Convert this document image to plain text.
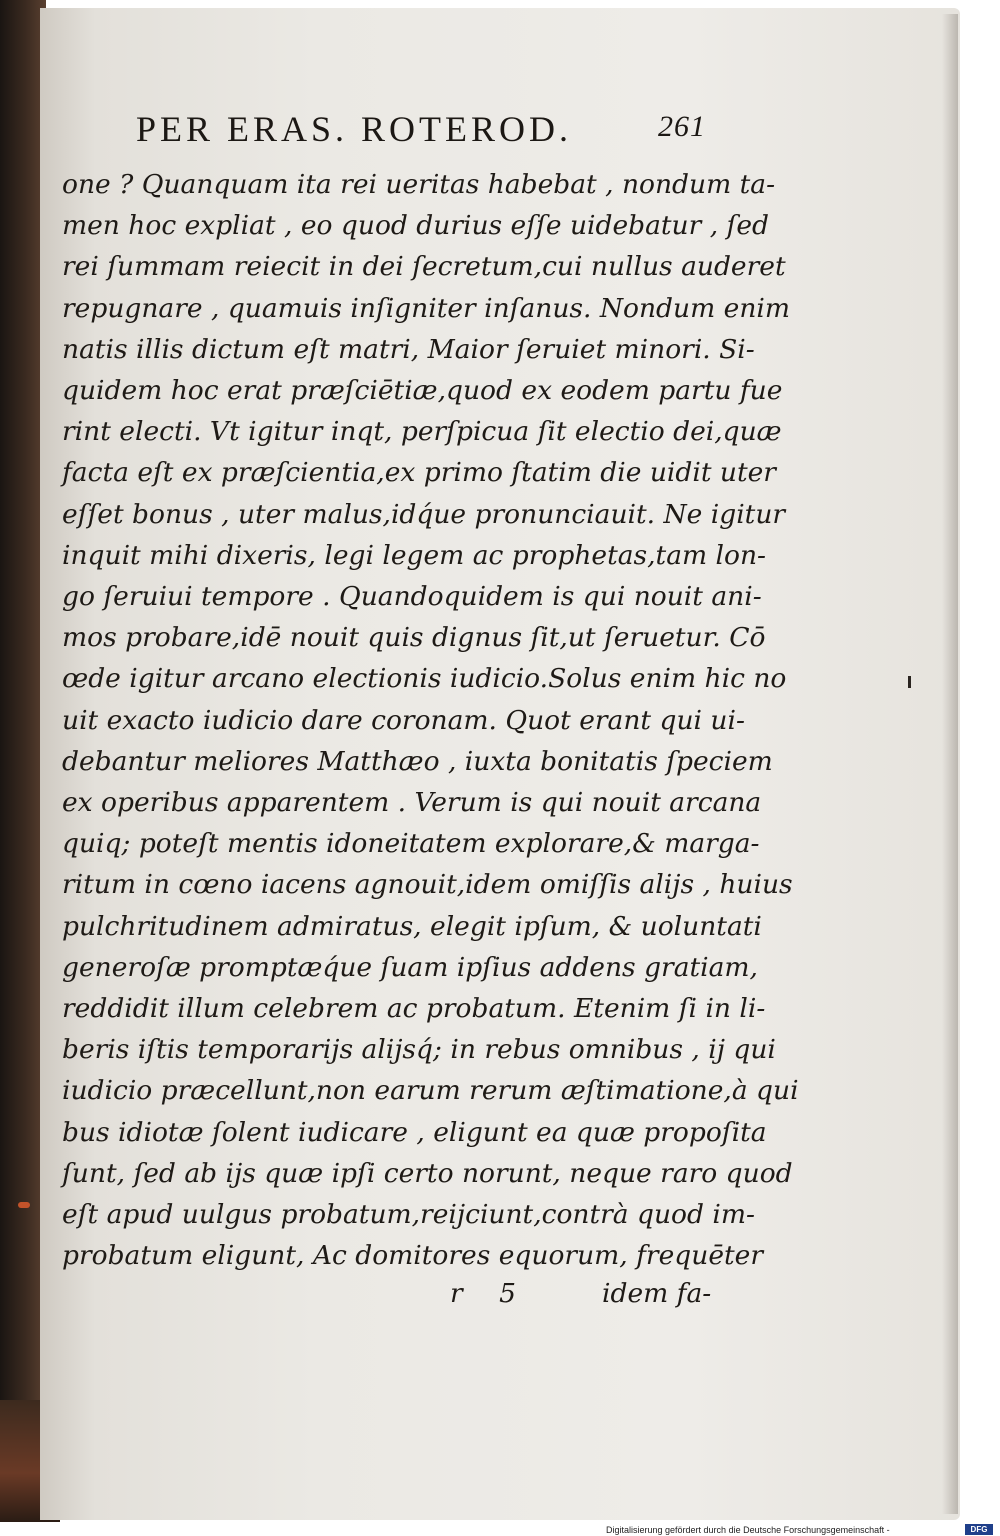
PER ERAS. ROTEROD.	261
one ? Quanquam ita rei ueritas habebat , nondum ta-
men hoc expliat , eo quod durius eſſe uidebatur , ſed
rei ſummam reiecit in dei ſecretum,cui nullus auderet
repugnare , quamuis inſigniter inſanus. Nondum enim
natis illis dictum eſt matri, Maior ſeruiet minori. Si-
quidem hoc erat præſciētiæ,quod ex eodem partu fue
rint electi. Vt igitur inqt, perſpicua ſit electio dei,quæ
facta eſt ex præſcientia,ex primo ſtatim die uidit uter
eſſet bonus , uter malus,idq́ue pronunciauit. Ne igitur
inquit mihi dixeris, legi legem ac prophetas,tam lon-
go ſeruiui tempore . Quandoquidem is qui nouit ani-
mos probare,idē nouit quis dignus ſit,ut ſeruetur. Cō
œde igitur arcano electionis iudicio.Solus enim hic no
uit exacto iudicio dare coronam. Quot erant qui ui-
debantur meliores Matthæo , iuxta bonitatis ſpeciem
ex operibus apparentem . Verum is qui nouit arcana
quiq; poteſt mentis idoneitatem explorare,& marga-
ritum in cœno iacens agnouit,idem omiſſis alijs , huius
pulchritudinem admiratus, elegit ipſum, & uoluntati
generoſæ promptæq́ue ſuam ipſius addens gratiam,
reddidit illum celebrem ac probatum. Etenim ſi in li-
beris iſtis temporarijs alijsq́; in rebus omnibus , ij qui
iudicio præcellunt,non earum rerum æſtimatione,à qui
bus idiotæ ſolent iudicare , eligunt ea quæ propoſita
ſunt, ſed ab ijs quæ ipſi certo norunt, neque raro quod
eſt apud uulgus probatum,reijciunt,contrà quod im-
probatum eligunt, Ac domitores equorum, frequēter
r 5	idem fa-
Digitalisierung gefördert durch die Deutsche Forschungsgemeinschaft -	DFG
